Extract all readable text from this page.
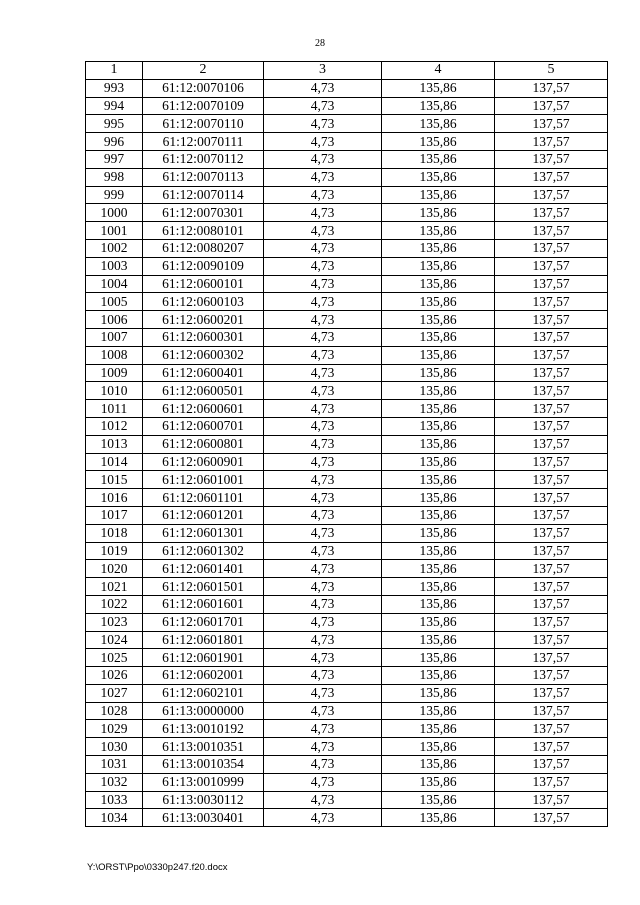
28
1	2	3	4	5
993	61:12:0070106	4,73	135,86	137,57
994	61:12:0070109	4,73	135,86	137,57
995	61:12:0070110	4,73	135,86	137,57
996	61:12:0070111	4,73	135,86	137,57
997	61:12:0070112	4,73	135,86	137,57
998	61:12:0070113	4,73	135,86	137,57
999	61:12:0070114	4,73	135,86	137,57
1000	61:12:0070301	4,73	135,86	137,57
1001	61:12:0080101	4,73	135,86	137,57
1002	61:12:0080207	4,73	135,86	137,57
1003	61:12:0090109	4,73	135,86	137,57
1004	61:12:0600101	4,73	135,86	137,57
1005	61:12:0600103	4,73	135,86	137,57
1006	61:12:0600201	4,73	135,86	137,57
1007	61:12:0600301	4,73	135,86	137,57
1008	61:12:0600302	4,73	135,86	137,57
1009	61:12:0600401	4,73	135,86	137,57
1010	61:12:0600501	4,73	135,86	137,57
1011	61:12:0600601	4,73	135,86	137,57
1012	61:12:0600701	4,73	135,86	137,57
1013	61:12:0600801	4,73	135,86	137,57
1014	61:12:0600901	4,73	135,86	137,57
1015	61:12:0601001	4,73	135,86	137,57
1016	61:12:0601101	4,73	135,86	137,57
1017	61:12:0601201	4,73	135,86	137,57
1018	61:12:0601301	4,73	135,86	137,57
1019	61:12:0601302	4,73	135,86	137,57
1020	61:12:0601401	4,73	135,86	137,57
1021	61:12:0601501	4,73	135,86	137,57
1022	61:12:0601601	4,73	135,86	137,57
1023	61:12:0601701	4,73	135,86	137,57
1024	61:12:0601801	4,73	135,86	137,57
1025	61:12:0601901	4,73	135,86	137,57
1026	61:12:0602001	4,73	135,86	137,57
1027	61:12:0602101	4,73	135,86	137,57
1028	61:13:0000000	4,73	135,86	137,57
1029	61:13:0010192	4,73	135,86	137,57
1030	61:13:0010351	4,73	135,86	137,57
1031	61:13:0010354	4,73	135,86	137,57
1032	61:13:0010999	4,73	135,86	137,57
1033	61:13:0030112	4,73	135,86	137,57
1034	61:13:0030401	4,73	135,86	137,57
Y:\ORST\Ppo\0330p247.f20.docx
